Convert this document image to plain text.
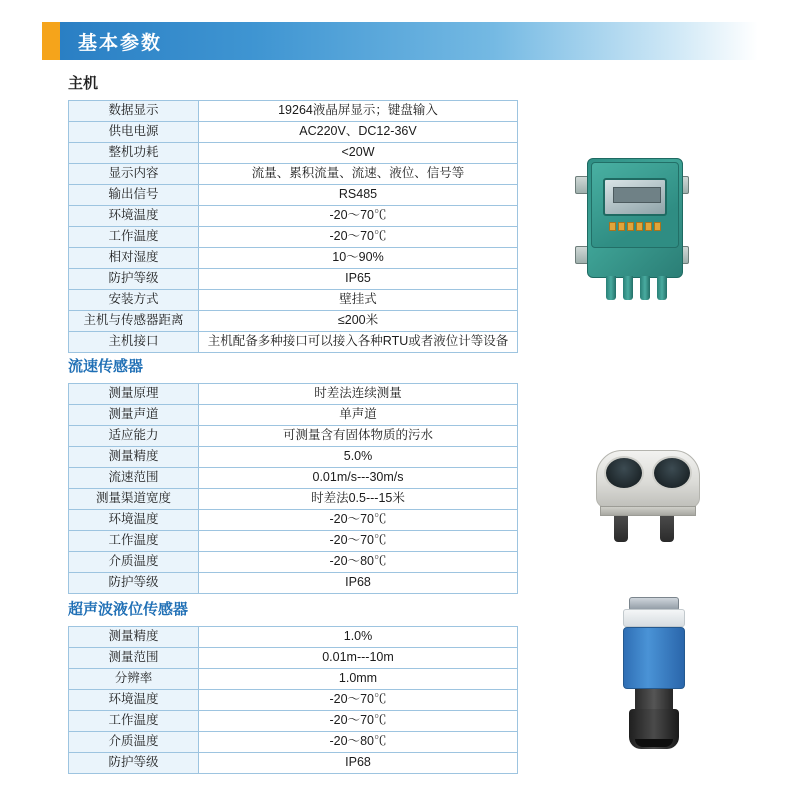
基本参数
主机
数据显示	19264液晶屏显示；键盘输入
供电电源	AC220V、DC12-36V
整机功耗	<20W
显示内容	流量、累积流量、流速、液位、信号等
输出信号	RS485
环境温度	-20～70℃
工作温度	-20～70℃
相对湿度	10～90%
防护等级	IP65
安装方式	壁挂式
主机与传感器距离	≤200米
主机接口	主机配备多种接口可以接入各种RTU或者液位计等设备
流速传感器
测量原理	时差法连续测量
测量声道	单声道
适应能力	可测量含有固体物质的污水
测量精度	5.0%
流速范围	0.01m/s---30m/s
测量渠道宽度	时差法0.5---15米
环境温度	-20～70℃
工作温度	-20～70℃
介质温度	-20～80℃
防护等级	IP68
超声波液位传感器
测量精度	1.0%
测量范围	0.01m---10m
分辨率	1.0mm
环境温度	-20～70℃
工作温度	-20～70℃
介质温度	-20～80℃
防护等级	IP68
